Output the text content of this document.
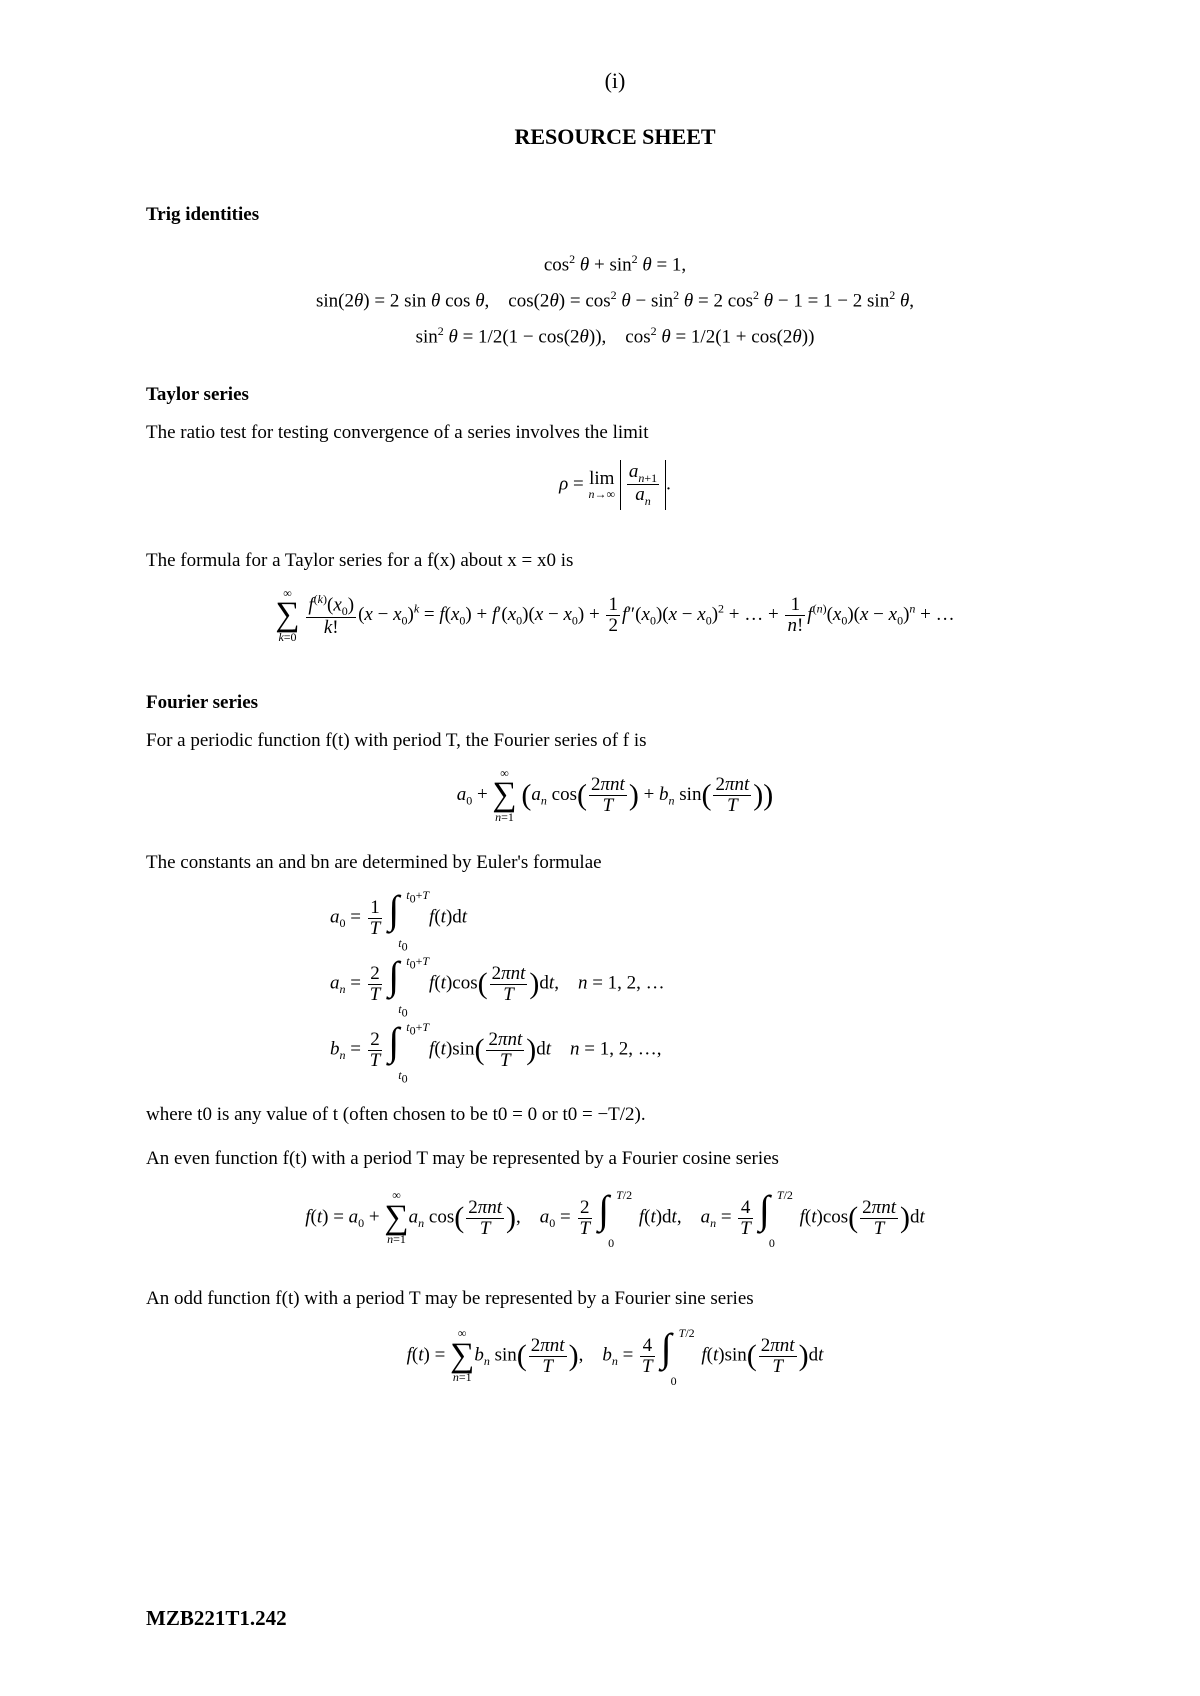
(i)
RESOURCE SHEET
Trig identities
$\cos^2 \theta + \sin^2 \theta = 1$,
sin(2θ) = 2 sin θ cos θ,    $\cos(2\theta) = \cos^2 \theta - \sin^2 \theta = 2$ $\cos^2 \theta - 1 = 1 - 2$ $\sin^2 \theta$,
$\sin^2 \theta = 1/2(1 - \cos(2\theta))$,    $\cos^2 \theta = 1/2(1 + \cos(2\theta))$
Taylor series
The ratio test for testing convergence of a series involves the limit
ρ = lim
n→∞
$\frac{a_{n+1}}{a_n}$ .
The formula for a Taylor series for a f(x) about x = x0 is
∞
∑
k=0
$\frac{f^{(k)}(x_0)}{k!} (x - x_0)^k = f(x_0) + f'(x_0)(x - x_0) + \frac{1}{2} f''(x_0)(x - x_0)^2$ + … + $\frac{1}{n!} f^{(n)}(x_0)(x - x_0)^n$ + …
Fourier series
For a periodic function f(t) with period T, the Fourier series of f is
$a_0$ +
∞
∑
n=1
($a_n$ $\cos( \frac{\text{2πnt}}{T}$ ) + $b_n$ $\sin( \frac{\text{2πnt}}{T}$ ))
The constants an and bn are determined by Euler's formulae
$a_0 = \frac{1}{T}$ ∫ $t_0+T$
$t_0$
f(t)dt
$a_n = \frac{2}{T}$ ∫ $t_0+T$
$t_0$
$f(t)\cos( \frac{\text{2πnt}}{T} )dt$,    n = 1, 2, …
$b_n = \frac{2}{T}$ ∫ $t_0+T$
$t_0$
$f(t)\sin( \frac{\text{2πnt}}{T} )dt$ n = 1, 2, …,
where t0 is any value of t (often chosen to be t0 = 0 or t0 = −T/2).
An even function f(t) with a period T may be represented by a Fourier cosine series
$f(t) = a_0$ +
∞
∑
n=1
$a_n$ $\cos( \frac{\text{2πnt}}{T}$ ),    $a_0 = \frac{2}{T}$ ∫ T/2
0
f(t)dt,    $a_n = \frac{4}{T}$ ∫ T/2
0
$f(t)\cos( \frac{\text{2πnt}}{T} )dt$
An odd function f(t) with a period T may be represented by a Fourier sine series
f(t) =
∞
∑
n=1
$b_n$ $\sin( \frac{\text{2πnt}}{T}$ ),    $b_n = \frac{4}{T}$ ∫ T/2
0
$f(t)\sin( \frac{\text{2πnt}}{T} )dt$
MZB221T1.242
